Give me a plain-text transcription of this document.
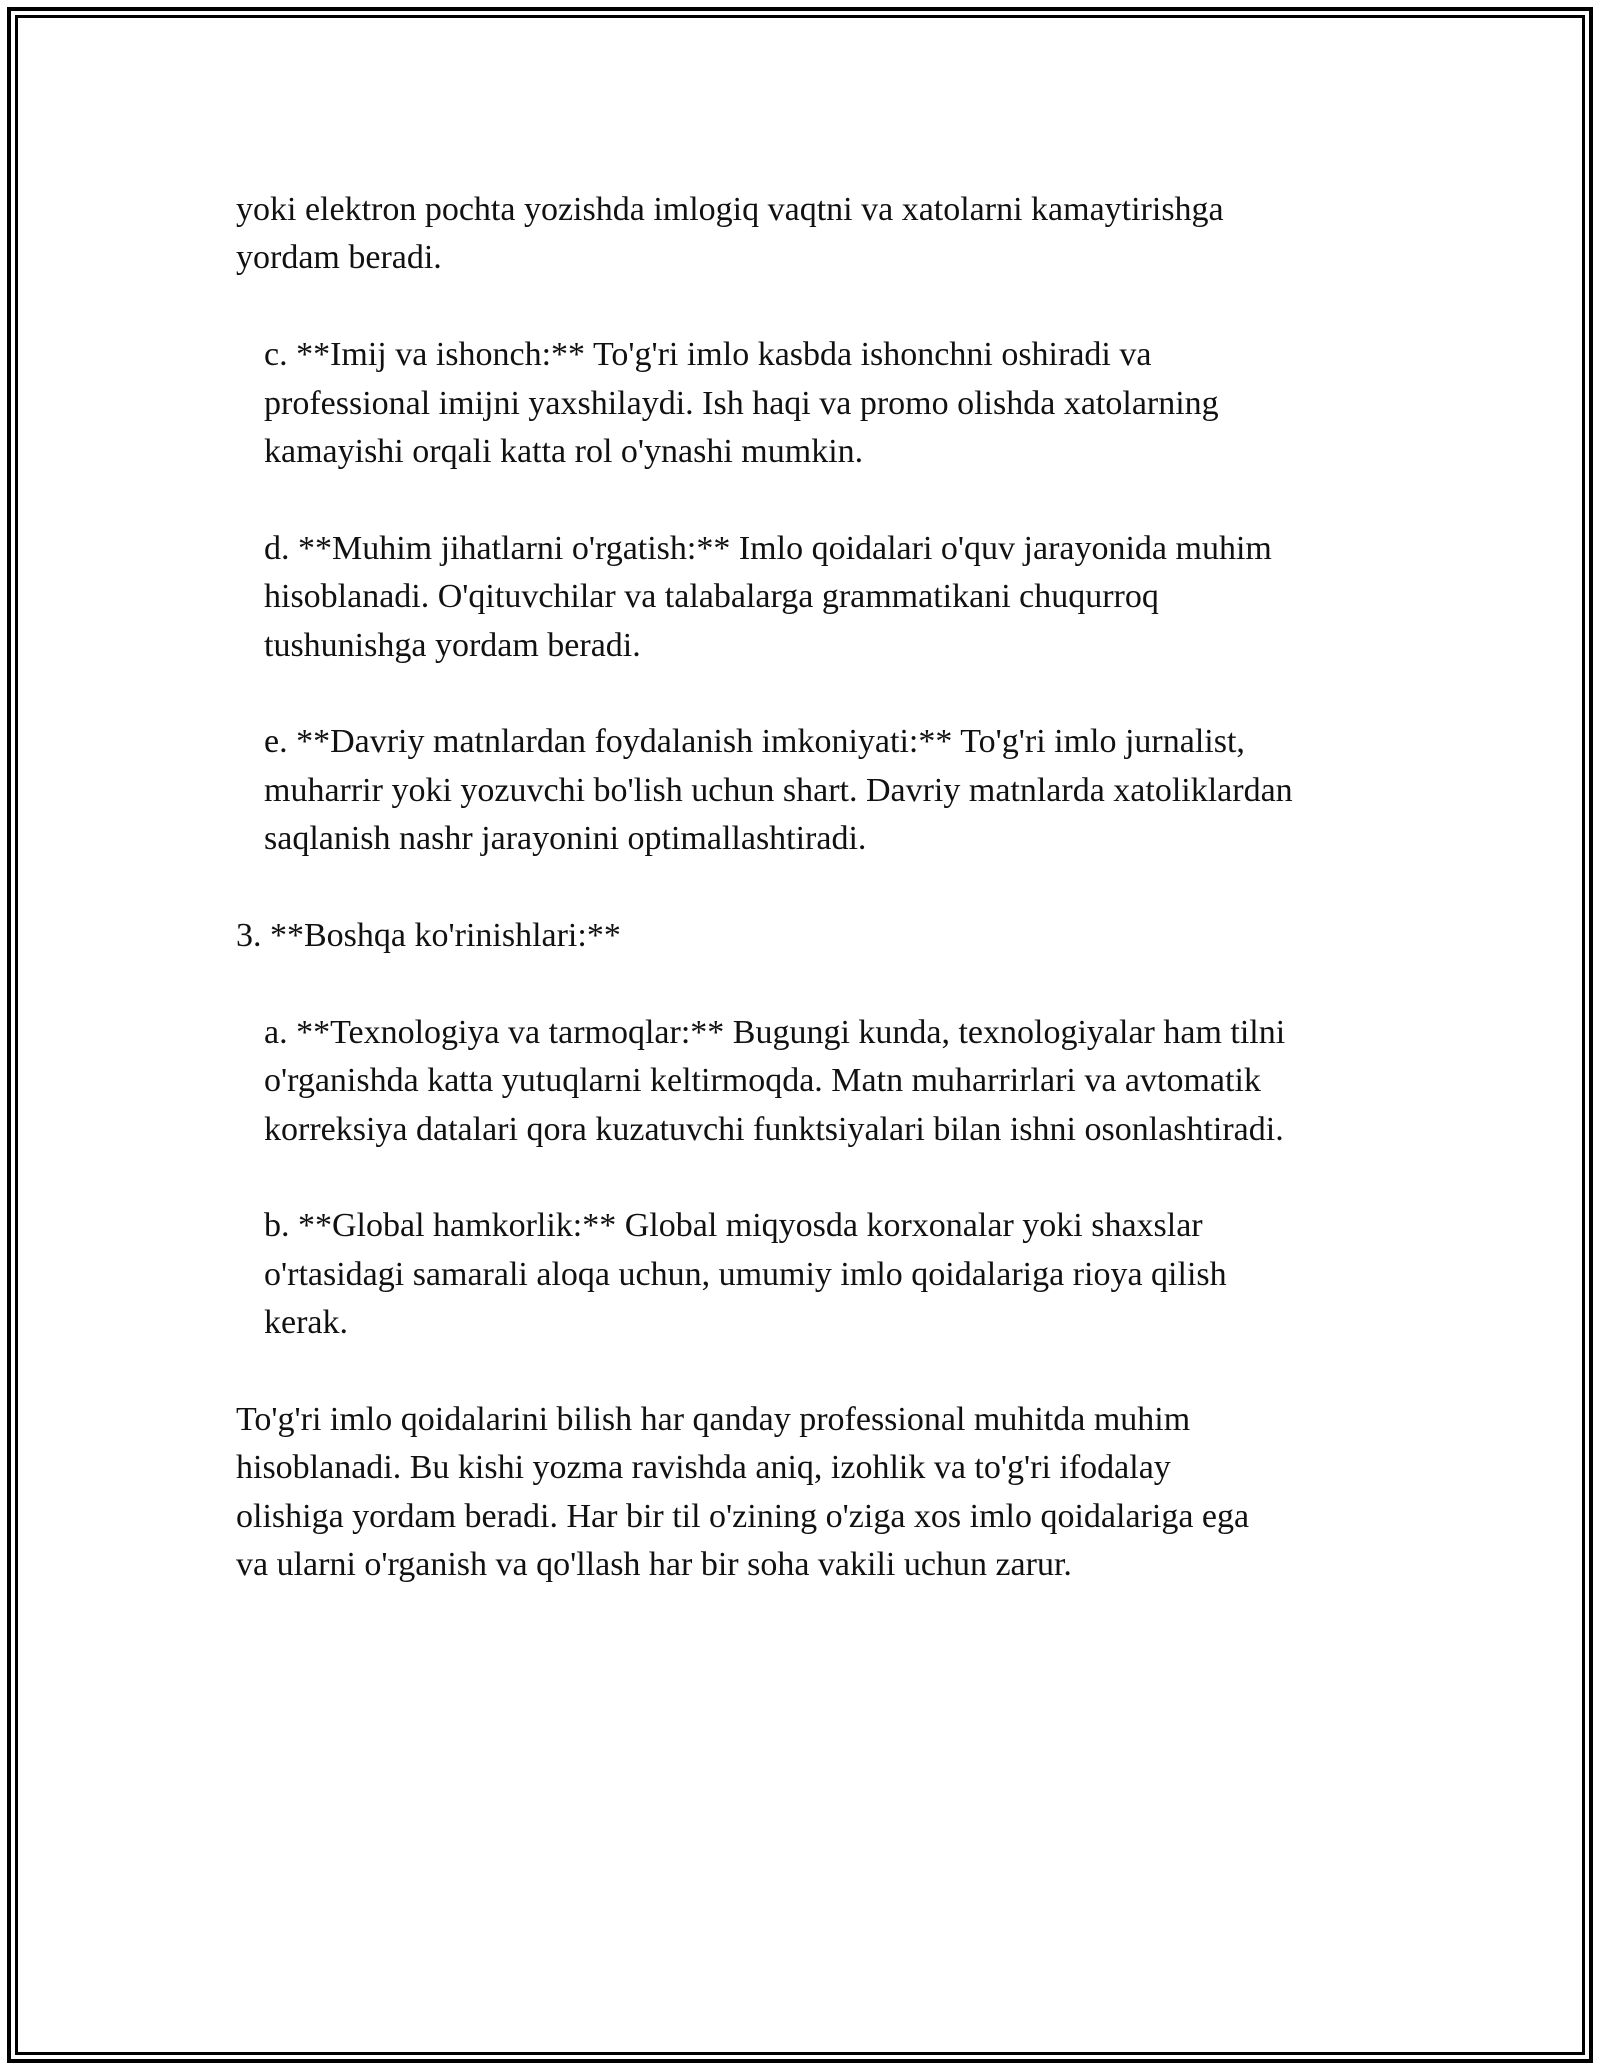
yoki elektron pochta yozishda imlogiq vaqtni va xatolarni kamaytirishga
yordam beradi.
c. **Imij va ishonch:** To'g'ri imlo kasbda ishonchni oshiradi va
professional imijni yaxshilaydi. Ish haqi va promo olishda xatolarning
kamayishi orqali katta rol o'ynashi mumkin.
d. **Muhim jihatlarni o'rgatish:** Imlo qoidalari o'quv jarayonida muhim
hisoblanadi. O'qituvchilar va talabalarga grammatikani chuqurroq
tushunishga yordam beradi.
e. **Davriy matnlardan foydalanish imkoniyati:** To'g'ri imlo jurnalist,
muharrir yoki yozuvchi bo'lish uchun shart. Davriy matnlarda xatoliklardan
saqlanish nashr jarayonini optimallashtiradi.
3. **Boshqa ko'rinishlari:**
a. **Texnologiya va tarmoqlar:** Bugungi kunda, texnologiyalar ham tilni
o'rganishda katta yutuqlarni keltirmoqda. Matn muharrirlari va avtomatik
korreksiya datalari qora kuzatuvchi funktsiyalari bilan ishni osonlashtiradi.
b. **Global hamkorlik:** Global miqyosda korxonalar yoki shaxslar
o'rtasidagi samarali aloqa uchun, umumiy imlo qoidalariga rioya qilish
kerak.
To'g'ri imlo qoidalarini bilish har qanday professional muhitda muhim
hisoblanadi. Bu kishi yozma ravishda aniq, izohlik va to'g'ri ifodalay
olishiga yordam beradi. Har bir til o'zining o'ziga xos imlo qoidalariga ega
va ularni o'rganish va qo'llash har bir soha vakili uchun zarur.
